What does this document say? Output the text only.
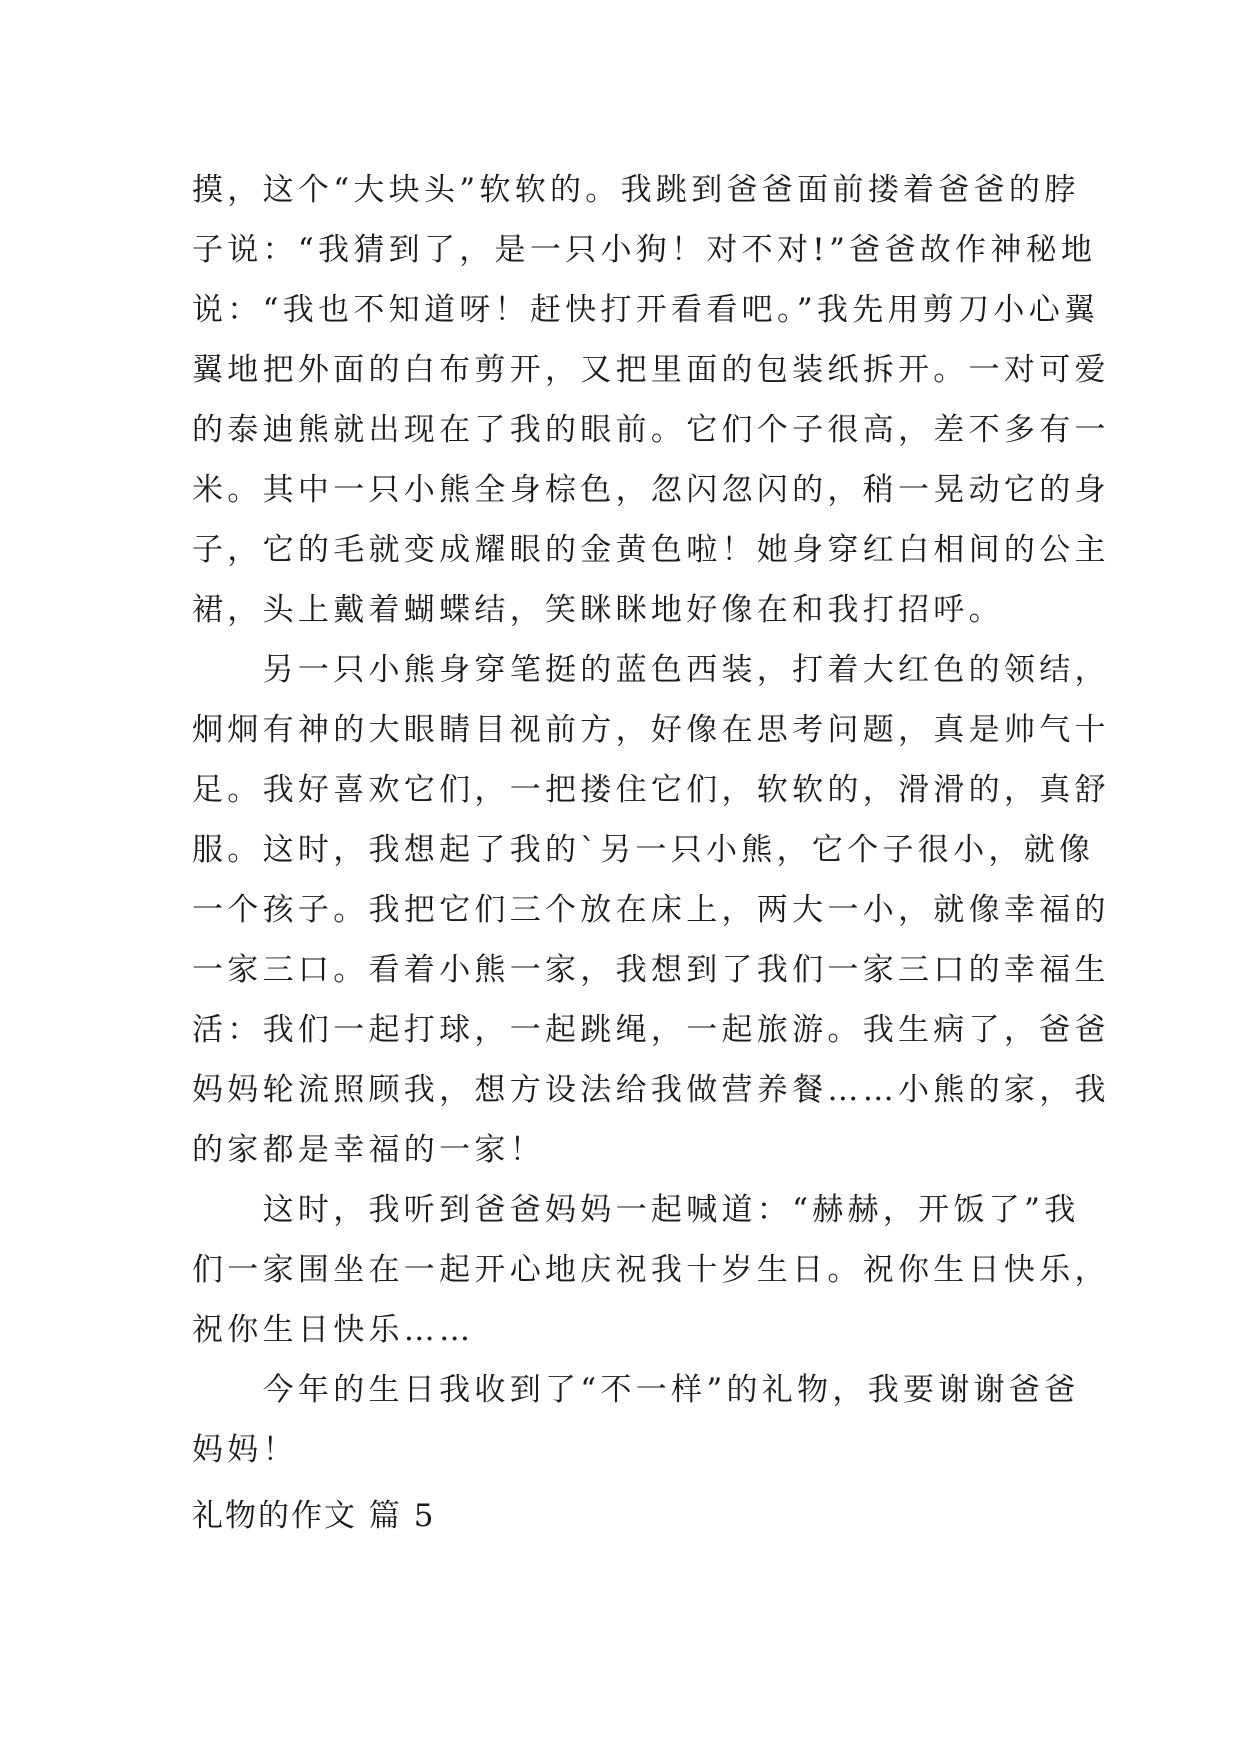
摸，这个“大块头”软软的。我跳到爸爸面前搂着爸爸的脖
子说：“我猜到了，是一只小狗！对不对!”爸爸故作神秘地
说：“我也不知道呀！赶快打开看看吧。”我先用剪刀小心翼
翼地把外面的白布剪开，又把里面的包装纸拆开。一对可爱
的泰迪熊就出现在了我的眼前。它们个子很高，差不多有一
米。其中一只小熊全身棕色，忽闪忽闪的，稍一晃动它的身
子，它的毛就变成耀眼的金黄色啦！她身穿红白相间的公主
裙，头上戴着蝴蝶结，笑眯眯地好像在和我打招呼。
　　另一只小熊身穿笔挺的蓝色西装，打着大红色的领结，
炯炯有神的大眼睛目视前方，好像在思考问题，真是帅气十
足。我好喜欢它们，一把搂住它们，软软的，滑滑的，真舒
服。这时，我想起了我的`另一只小熊，它个子很小，就像
一个孩子。我把它们三个放在床上，两大一小，就像幸福的
一家三口。看着小熊一家，我想到了我们一家三口的幸福生
活：我们一起打球，一起跳绳，一起旅游。我生病了，爸爸
妈妈轮流照顾我，想方设法给我做营养餐……小熊的家，我
的家都是幸福的一家！
　　这时，我听到爸爸妈妈一起喊道：“赫赫，开饭了”我
们一家围坐在一起开心地庆祝我十岁生日。祝你生日快乐，
祝你生日快乐……
　　今年的生日我收到了“不一样”的礼物，我要谢谢爸爸
妈妈！
礼物的作文 篇 5
